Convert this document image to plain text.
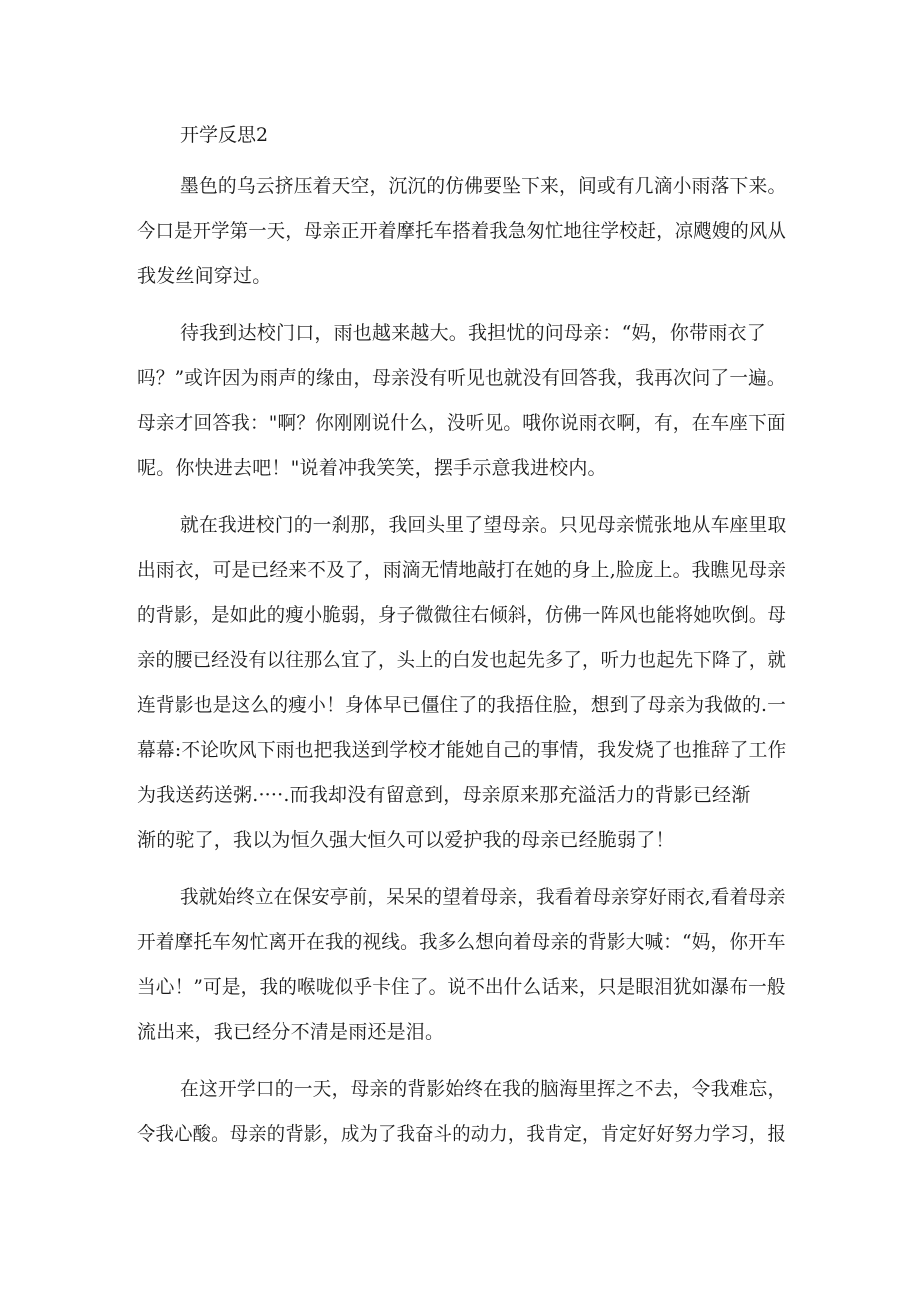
开学反思2
墨色的乌云挤压着天空，沉沉的仿佛要坠下来，间或有几滴小雨落下来。
今口是开学第一天，母亲正开着摩托车搭着我急匆忙地往学校赶，凉飕嫂的风从
我发丝间穿过。
待我到达校门口，雨也越来越大。我担忧的问母亲：“妈，你带雨衣了
吗？”或许因为雨声的缘由，母亲没有听见也就没有回答我，我再次问了一遍。
母亲才回答我："啊？你刚刚说什么，没听见。哦你说雨衣啊，有，在车座下面
呢。你快进去吧！"说着冲我笑笑，摆手示意我进校内。
就在我进校门的一刹那，我回头里了望母亲。只见母亲慌张地从车座里取
出雨衣，可是已经来不及了，雨滴无情地敲打在她的身上,脸庞上。我瞧见母亲
的背影，是如此的瘦小脆弱，身子微微往右倾斜，仿佛一阵风也能将她吹倒。母
亲的腰已经没有以往那么宜了，头上的白发也起先多了，听力也起先下降了，就
连背影也是这么的瘦小！身体早已僵住了的我捂住脸，想到了母亲为我做的.一
幕幕:不论吹风下雨也把我送到学校才能她自己的事情，我发烧了也推辞了工作
为我送药送粥.····.而我却没有留意到，母亲原来那充溢活力的背影已经渐
渐的驼了，我以为恒久强大恒久可以爱护我的母亲已经脆弱了！
我就始终立在保安亭前，呆呆的望着母亲，我看着母亲穿好雨衣,看着母亲
开着摩托车匆忙离开在我的视线。我多么想向着母亲的背影大喊：“妈，你开车
当心！”可是，我的喉咙似乎卡住了。说不出什么话来，只是眼泪犹如瀑布一般
流出来，我已经分不清是雨还是泪。
在这开学口的一天，母亲的背影始终在我的脑海里挥之不去，令我难忘，
令我心酸。母亲的背影，成为了我奋斗的动力，我肯定，肯定好好努力学习，报
